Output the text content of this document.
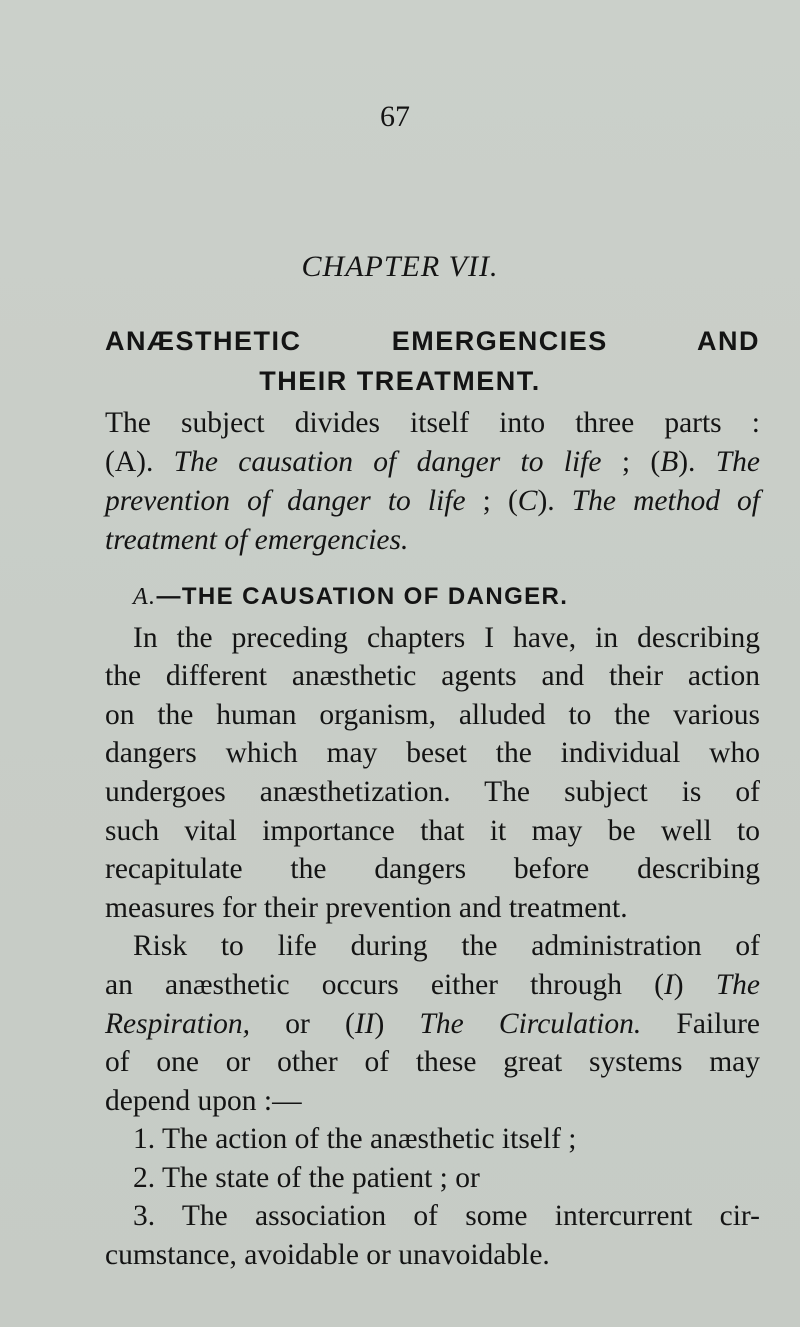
67
CHAPTER VII.
ANÆSTHETIC EMERGENCIES AND
THEIR TREATMENT.
A.—THE CAUSATION OF DANGER.
The subject divides itself into three parts :
(A). The causation of danger to life ; (B). The
prevention of danger to life ; (C). The method of
treatment of emergencies.
In the preceding chapters I have, in describing
the different anæsthetic agents and their action
on the human organism, alluded to the various
dangers which may beset the individual who
undergoes anæsthetization. The subject is of
such vital importance that it may be well to
recapitulate the dangers before describing
measures for their prevention and treatment.
Risk to life during the administration of
an anæsthetic occurs either through (I) The
Respiration, or (II) The Circulation. Failure
of one or other of these great systems may
depend upon :—
1. The action of the anæsthetic itself ;
2. The state of the patient ; or
3. The association of some intercurrent cir-
cumstance, avoidable or unavoidable.
